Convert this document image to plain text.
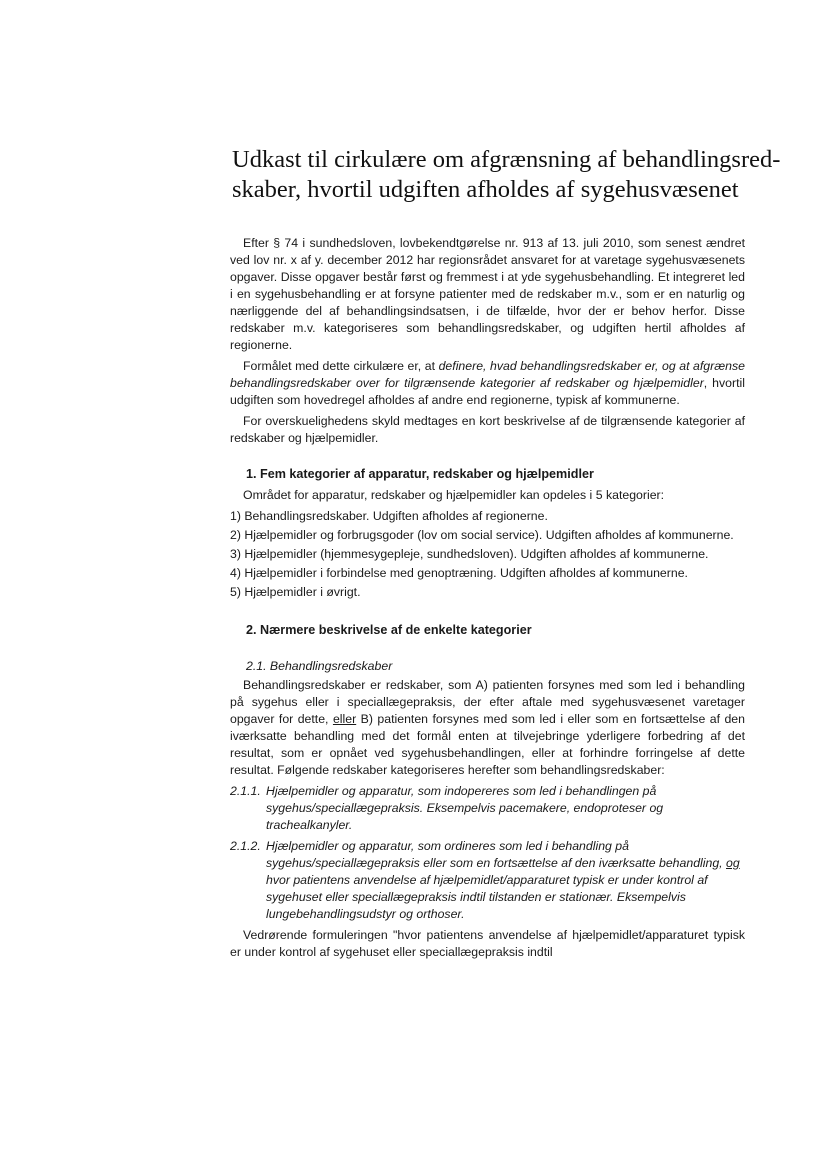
Udkast til cirkulære om afgrænsning af behandlingsred-
skaber, hvortil udgiften afholdes af sygehusvæsenet

Efter § 74 i sundhedsloven, lovbekendtgørelse nr. 913 af 13. juli 2010, som senest ændret ved lov nr. x af y. december 2012 har regionsrådet ansvaret for at varetage sygehusvæsenets opgaver. Disse opgaver består først og fremmest i at yde sygehusbehandling. Et integreret led i en sygehusbehandling er at forsyne patienter med de redskaber m.v., som er en naturlig og nærliggende del af behandlingsindsatsen, i de tilfælde, hvor der er behov herfor. Disse redskaber m.v. kategoriseres som behandlingsredskaber, og udgiften hertil afholdes af regionerne.

Formålet med dette cirkulære er, at definere, hvad behandlingsredskaber er, og at afgrænse behandlingsredskaber over for tilgrænsende kategorier af redskaber og hjælpemidler, hvortil udgiften som hovedregel afholdes af andre end regionerne, typisk af kommunerne.

For overskuelighedens skyld medtages en kort beskrivelse af de tilgrænsende kategorier af redskaber og hjælpemidler.

1. Fem kategorier af apparatur, redskaber og hjælpemidler

Området for apparatur, redskaber og hjælpemidler kan opdeles i 5 kategorier:

1) Behandlingsredskaber. Udgiften afholdes af regionerne.
2) Hjælpemidler og forbrugsgoder (lov om social service). Udgiften afholdes af kommunerne.
3) Hjælpemidler (hjemmesygepleje, sundhedsloven). Udgiften afholdes af kommunerne.
4) Hjælpemidler i forbindelse med genoptræning. Udgiften afholdes af kommunerne.
5) Hjælpemidler i øvrigt.
2. Nærmere beskrivelse af de enkelte kategorier
2.1. Behandlingsredskaber

Behandlingsredskaber er redskaber, som A) patienten forsynes med som led i behandling på sygehus eller i speciallægepraksis, der efter aftale med sygehusvæsenet varetager opgaver for dette, eller B) patienten forsynes med som led i eller som en fortsættelse af den iværksatte behandling med det formål enten at tilvejebringe yderligere forbedring af det resultat, som er opnået ved sygehusbehandlingen, eller at forhindre forringelse af dette resultat. Følgende redskaber kategoriseres herefter som behandlingsredskaber:

2.1.1. Hjælpemidler og apparatur, som indopereres som led i behandlingen på sygehus/speciallægepraksis. Eksempelvis pacemakere, endoproteser og trachealkanyler.
2.1.2. Hjælpemidler og apparatur, som ordineres som led i behandling på sygehus/speciallægepraksis eller som en fortsættelse af den iværksatte behandling, og hvor patientens anvendelse af hjælpemidlet/apparaturet typisk er under kontrol af sygehuset eller speciallægepraksis indtil tilstanden er stationær. Eksempelvis lungebehandlingsudstyr og orthoser.

Vedrørende formuleringen "hvor patientens anvendelse af hjælpemidlet/apparaturet typisk er under kontrol af sygehuset eller speciallægepraksis indtil
